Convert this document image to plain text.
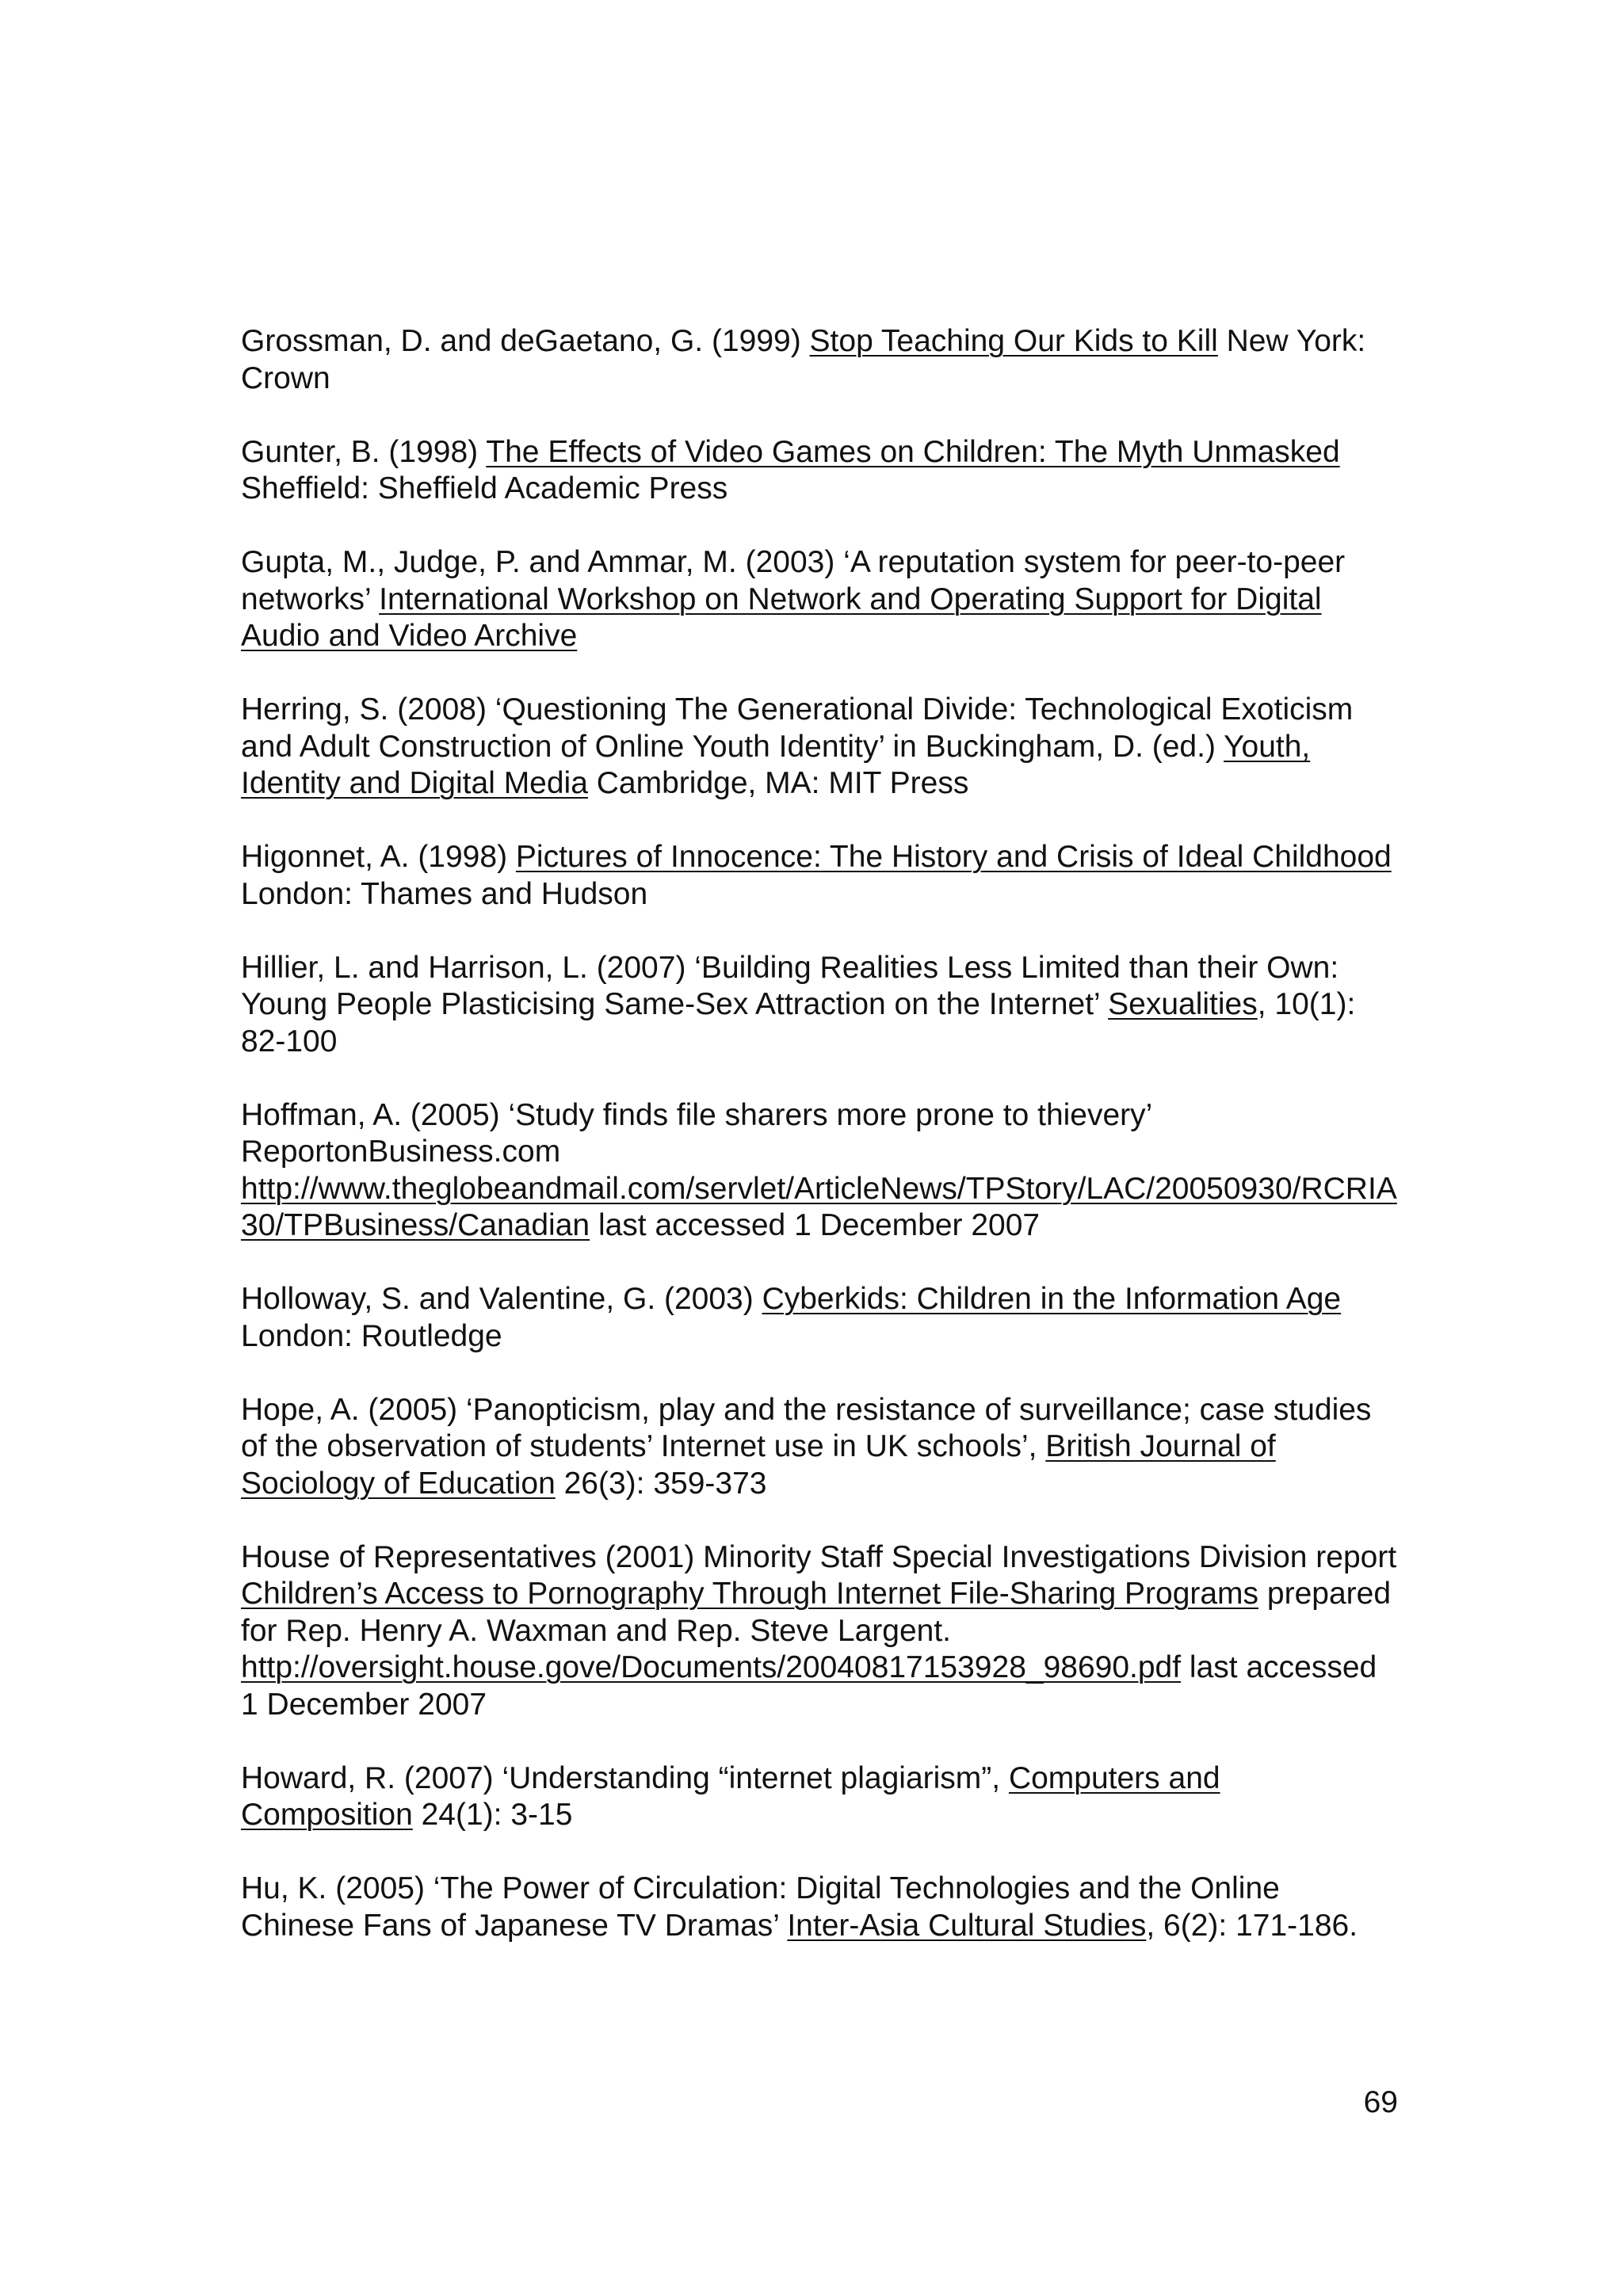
Grossman, D. and deGaetano, G. (1999) Stop Teaching Our Kids to Kill New York: Crown

Gunter, B. (1998) The Effects of Video Games on Children: The Myth Unmasked
Sheffield: Sheffield Academic Press

Gupta, M., Judge, P. and Ammar, M. (2003) ‘A reputation system for peer-to-peer networks’ International Workshop on Network and Operating Support for Digital Audio and Video Archive

Herring, S. (2008) ‘Questioning The Generational Divide: Technological Exoticism and Adult Construction of Online Youth Identity’ in Buckingham, D. (ed.) Youth, Identity and Digital Media Cambridge, MA: MIT Press

Higonnet, A. (1998) Pictures of Innocence: The History and Crisis of Ideal Childhood London: Thames and Hudson

Hillier, L. and Harrison, L. (2007) ‘Building Realities Less Limited than their Own: Young People Plasticising Same-Sex Attraction on the Internet’ Sexualities, 10(1): 82-100

Hoffman, A. (2005) ‘Study finds file sharers more prone to thievery’
ReportonBusiness.com
http://www.theglobeandmail.com/servlet/ArticleNews/TPStory/LAC/20050930/RCRIA30/TPBusiness/Canadian last accessed 1 December 2007

Holloway, S. and Valentine, G. (2003) Cyberkids: Children in the Information Age
London: Routledge

Hope, A. (2005) ‘Panopticism, play and the resistance of surveillance; case studies of the observation of students’ Internet use in UK schools’, British Journal of Sociology of Education 26(3): 359-373

House of Representatives (2001) Minority Staff Special Investigations Division report Children’s Access to Pornography Through Internet File-Sharing Programs prepared for Rep. Henry A. Waxman and Rep. Steve Largent.
http://oversight.house.gove/Documents/20040817153928_98690.pdf last accessed 1 December 2007

Howard, R. (2007) ‘Understanding “internet plagiarism”, Computers and Composition 24(1): 3-15

Hu, K. (2005) ‘The Power of Circulation: Digital Technologies and the Online Chinese Fans of Japanese TV Dramas’ Inter-Asia Cultural Studies, 6(2): 171-186.

69
